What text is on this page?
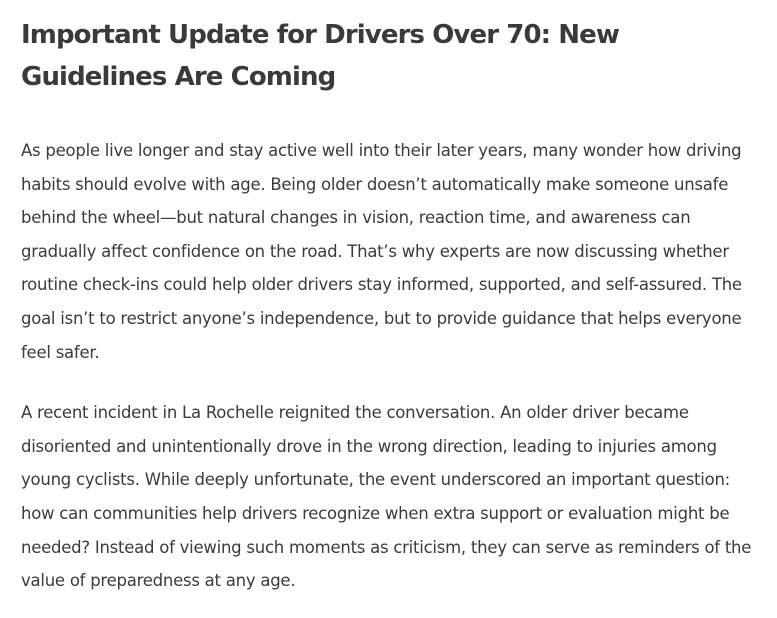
Important Update for Drivers Over 70: New Guidelines Are Coming

As people live longer and stay active well into their later years, many wonder how driving habits should evolve with age. Being older doesn’t automatically make someone unsafe behind the wheel—but natural changes in vision, reaction time, and awareness can gradually affect confidence on the road. That’s why experts are now discussing whether routine check-ins could help older drivers stay informed, supported, and self-assured. The goal isn’t to restrict anyone’s independence, but to provide guidance that helps everyone feel safer.

A recent incident in La Rochelle reignited the conversation. An older driver became disoriented and unintentionally drove in the wrong direction, leading to injuries among young cyclists. While deeply unfortunate, the event underscored an important question: how can communities help drivers recognize when extra support or evaluation might be needed? Instead of viewing such moments as criticism, they can serve as reminders of the value of preparedness at any age.
